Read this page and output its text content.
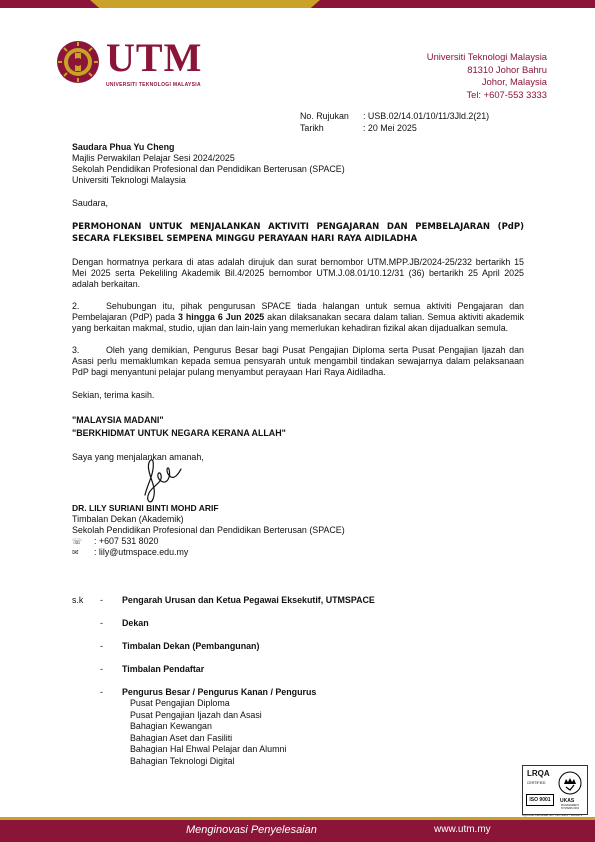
UTM
UNIVERSITI TEKNOLOGI MALAYSIA
Universiti Teknologi Malaysia
81310 Johor Bahru
Johor, Malaysia
Tel: +607-553 3333
No. Rujukan : USB.02/14.01/10/11/3Jld.2(21)
Tarikh	: 20 Mei 2025

Saudara Phua Yu Cheng

Majlis Perwakilan Pelajar Sesi 2024/2025

Sekolah Pendidikan Profesional dan Pendidikan Berterusan (SPACE)

Universiti Teknologi Malaysia

Saudara,

PERMOHONAN UNTUK MENJALANKAN AKTIVITI PENGAJARAN DAN PEMBELAJARAN (PdP) SECARA FLEKSIBEL SEMPENA MINGGU PERAYAAN HARI RAYA AIDILADHA

Dengan hormatnya perkara di atas adalah dirujuk dan surat bernombor UTM.MPP.JB/2024-25/232 bertarikh 15 Mei 2025 serta Pekeliling Akademik Bil.4/2025 bernombor UTM.J.08.01/10.12/31 (36) bertarikh 25 April 2025 adalah berkaitan.

2.	Sehubungan itu, pihak pengurusan SPACE tiada halangan untuk semua aktiviti Pengajaran dan Pembelajaran (PdP) pada 3 hingga 6 Jun 2025 akan dilaksanakan secara dalam talian. Semua aktiviti akademik yang berkaitan makmal, studio, ujian dan lain-lain yang memerlukan kehadiran fizikal akan dijadualkan semula.

3.	Oleh yang demikian, Pengurus Besar bagi Pusat Pengajian Diploma serta Pusat Pengajian Ijazah dan Asasi perlu memaklumkan kepada semua pensyarah untuk mengambil tindakan sewajarnya dalam pelaksanaan PdP bagi menyantuni pelajar pulang menyambut perayaan Hari Raya Aidiladha.

Sekian, terima kasih.

"MALAYSIA MADANI"

"BERKHIDMAT UNTUK NEGARA KERANA ALLAH"

Saya yang menjalankan amanah,

DR. LILY SURIANI BINTI MOHD ARIF

Timbalan Dekan (Akademik)

Sekolah Pendidikan Profesional dan Pendidikan Berterusan (SPACE)

☏ : +607 531 8020

✉ : lily@utmspace.edu.my

s.k - Pengarah Urusan dan Ketua Pegawai Eksekutif, UTMSPACE
- Dekan
- Timbalan Dekan (Pembangunan)
- Timbalan Pendaftar
- Pengurus Besar / Pengurus Kanan / Pengurus
Pusat Pengajian Diploma
Pusat Pengajian Ijazah dan Asasi
Bahagian Kewangan
Bahagian Aset dan Fasiliti
Bahagian Hal Ehwal Pelajar dan Alumni
Bahagian Teknologi Digital
LRQA
CERTIFIED
ISO 9001	UKAS
MANAGEMENT SYSTEMS 0001
Approval Certificate No.: ISO 9001 - 0063972
Menginovasi Penyelesaian	www.utm.my
